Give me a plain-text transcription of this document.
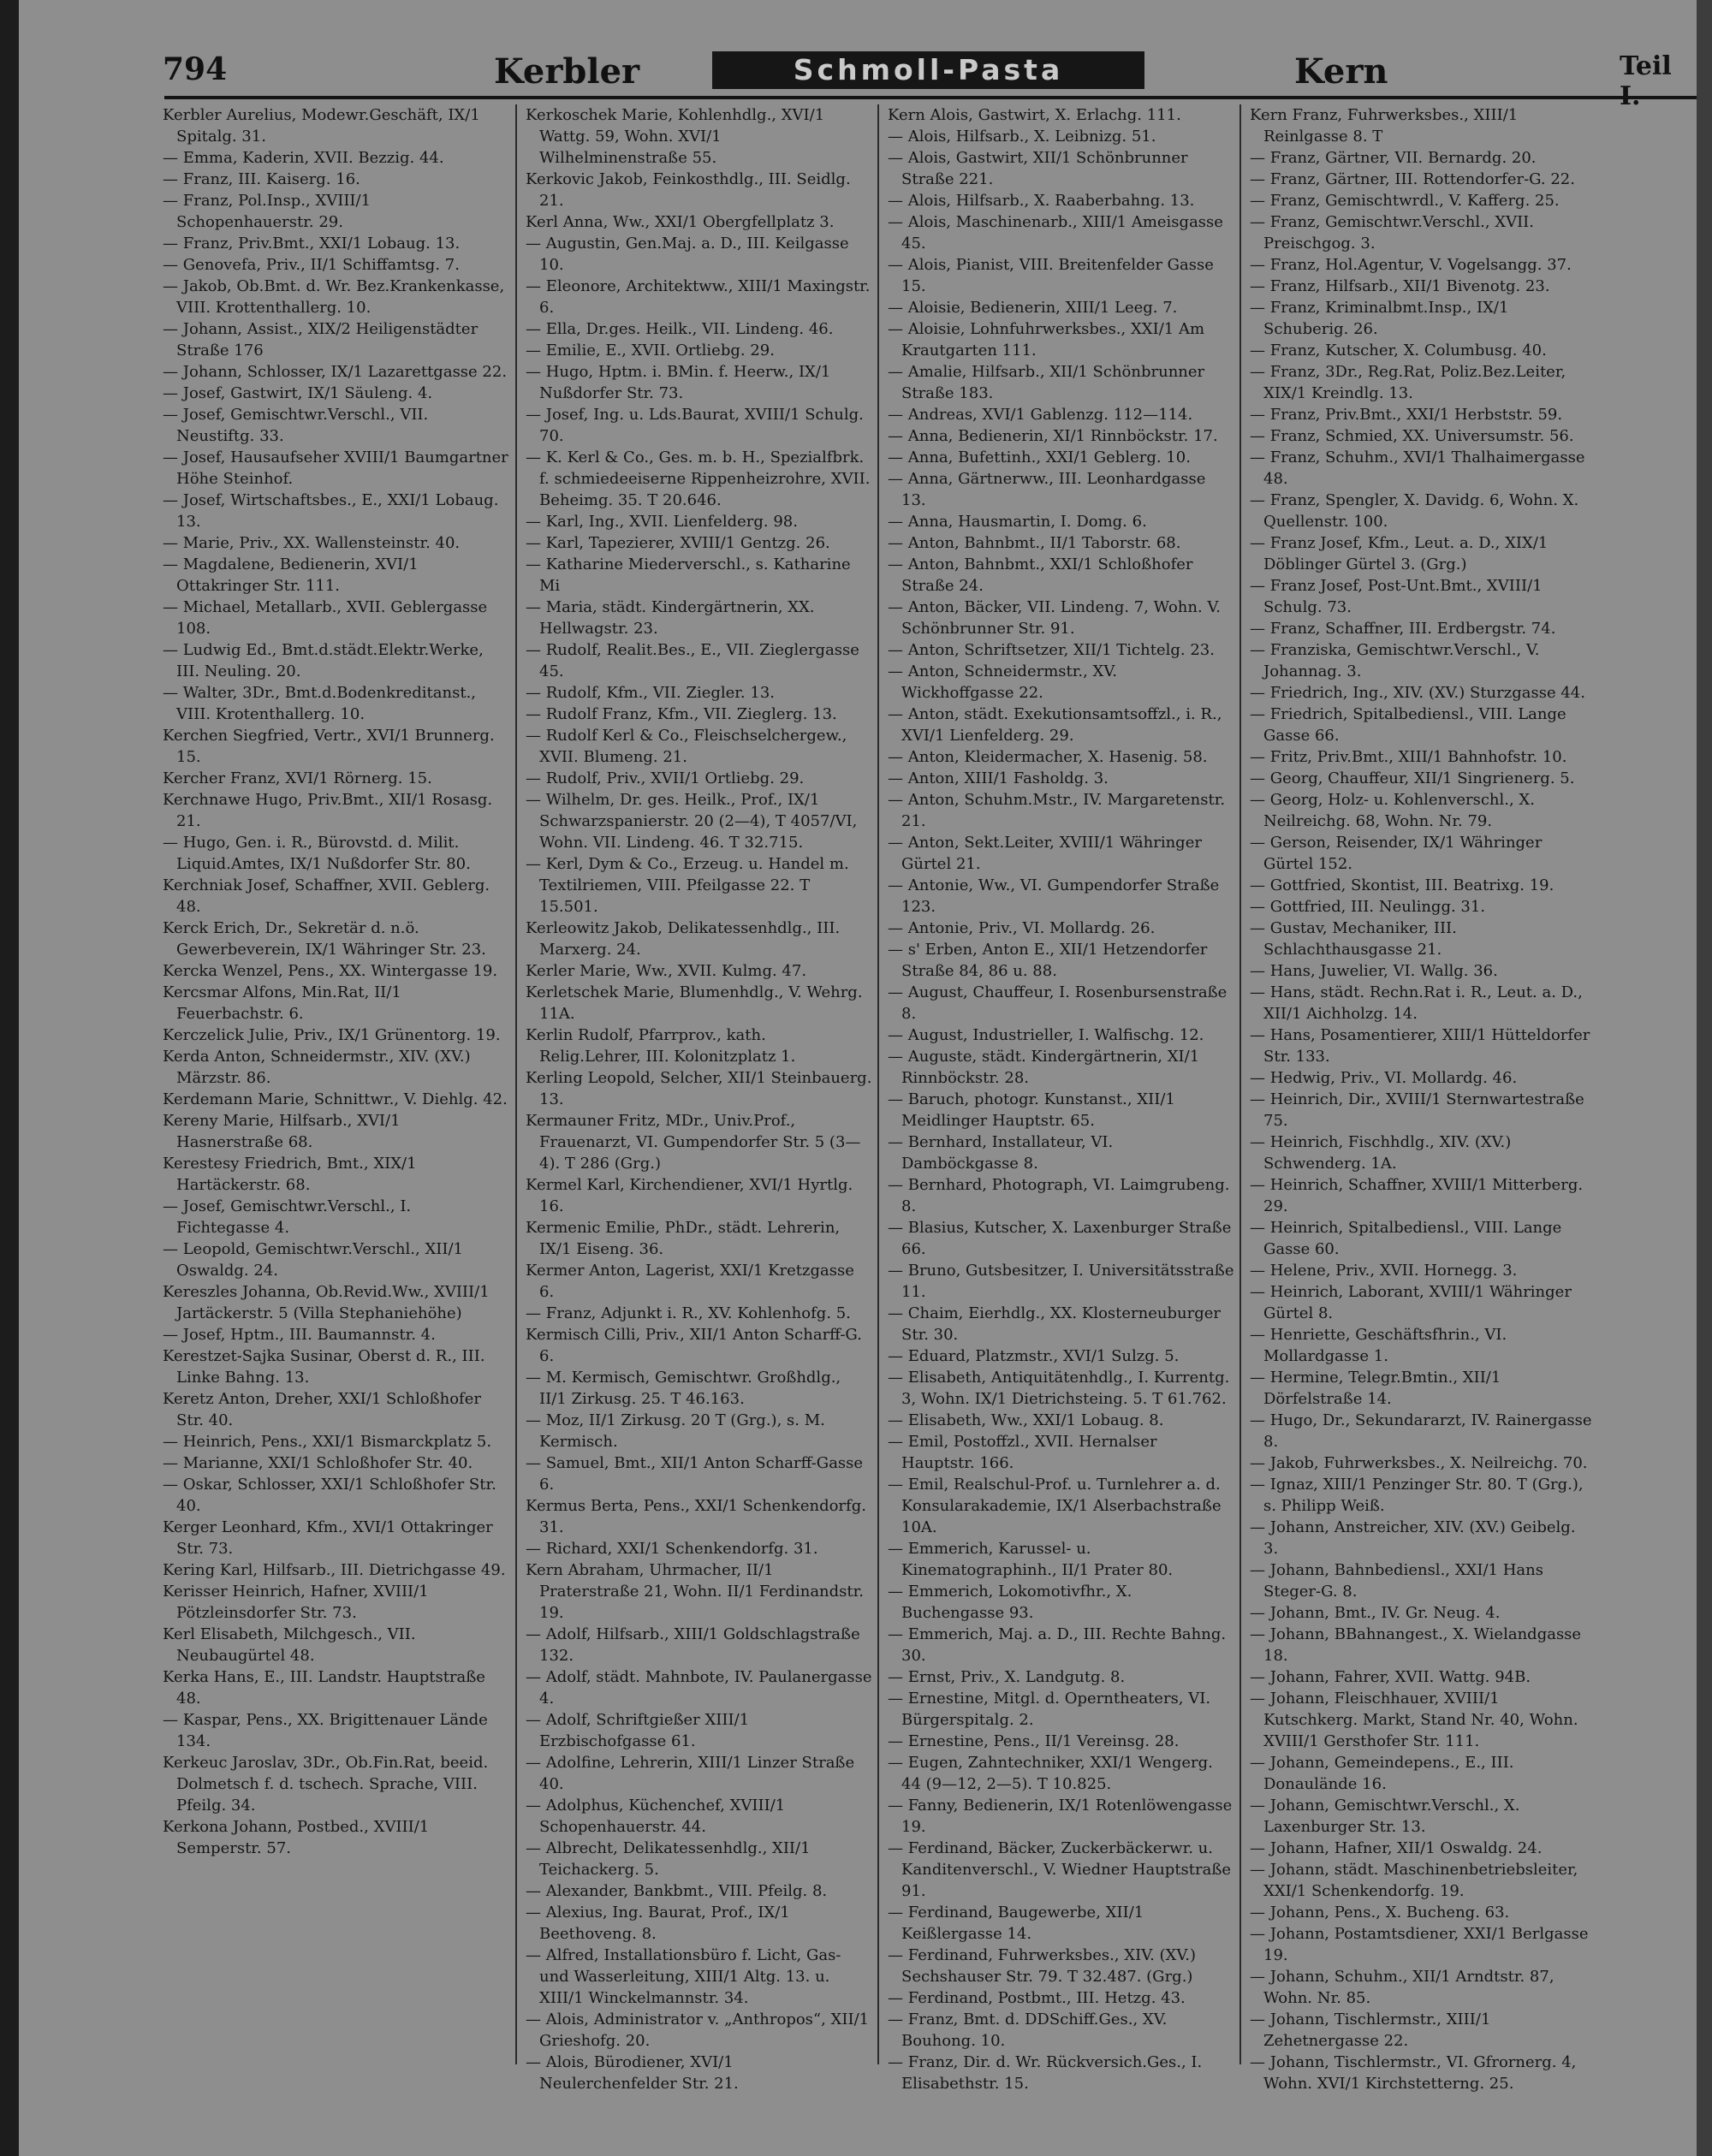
794	Kerbler	Schmoll-Pasta	Kern	Teil

Kerbler Aurelius, Modewr.Geschäft, IX/1 Spitalg. 31.

— Emma, Kaderin, XVII. Bezzig. 44.

— Franz, III. Kaiserg. 16.

— Franz, Pol.Insp., XVIII/1 Schopenhauerstr. 29.

— Franz, Priv.Bmt., XXI/1 Lobaug. 13.

— Genovefa, Priv., II/1 Schiffamtsg. 7.

— Jakob, Ob.Bmt. d. Wr. Bez.Krankenkasse, VIII. Krottenthallerg. 10.

— Johann, Assist., XIX/2 Heiligenstädter Straße 176

— Johann, Schlosser, IX/1 Lazarettgasse 22.

— Josef, Gastwirt, IX/1 Säuleng. 4.

— Josef, Gemischtwr.Verschl., VII. Neustiftg. 33.

— Josef, Hausaufseher XVIII/1 Baumgartner Höhe Steinhof.

— Josef, Wirtschaftsbes., E., XXI/1 Lobaug. 13.

— Marie, Priv., XX. Wallensteinstr. 40.

— Magdalene, Bedienerin, XVI/1 Ottakringer Str. 111.

— Michael, Metallarb., XVII. Geblergasse 108.

— Ludwig Ed., Bmt.d.städt.Elektr.Werke, III. Neuling. 20.

— Walter, 3Dr., Bmt.d.Bodenkreditanst., VIII. Krotenthallerg. 10.

Kerchen Siegfried, Vertr., XVI/1 Brunnerg. 15.

Kercher Franz, XVI/1 Rörnerg. 15.

Kerchnawe Hugo, Priv.Bmt., XII/1 Rosasg. 21.

— Hugo, Gen. i. R., Bürovstd. d. Milit. Liquid.Amtes, IX/1 Nußdorfer Str. 80.

Kerchniak Josef, Schaffner, XVII. Geblerg. 48.

Kerck Erich, Dr., Sekretär d. n.ö. Gewerbeverein, IX/1 Währinger Str. 23.

Kercka Wenzel, Pens., XX. Wintergasse 19.

Kercsmar Alfons, Min.Rat, II/1 Feuerbachstr. 6.

Kerczelick Julie, Priv., IX/1 Grünentorg. 19.

Kerda Anton, Schneidermstr., XIV. (XV.) Märzstr. 86.

Kerdemann Marie, Schnittwr., V. Diehlg. 42.

Kereny Marie, Hilfsarb., XVI/1 Hasnerstraße 68.

Kerestesy Friedrich, Bmt., XIX/1 Hartäckerstr. 68.

— Josef, Gemischtwr.Verschl., I. Fichtegasse 4.

— Leopold, Gemischtwr.Verschl., XII/1 Oswaldg. 24.

Kereszles Johanna, Ob.Revid.Ww., XVIII/1 Jartäckerstr. 5 (Villa Stephaniehöhe)

— Josef, Hptm., III. Baumannstr. 4.

Kerestzet-Sajka Susinar, Oberst d. R., III. Linke Bahng. 13.

Keretz Anton, Dreher, XXI/1 Schloßhofer Str. 40.

— Heinrich, Pens., XXI/1 Bismarckplatz 5.

— Marianne, XXI/1 Schloßhofer Str. 40.

— Oskar, Schlosser, XXI/1 Schloßhofer Str. 40.

Kerger Leonhard, Kfm., XVI/1 Ottakringer Str. 73.

Kering Karl, Hilfsarb., III. Dietrichgasse 49.

Kerisser Heinrich, Hafner, XVIII/1 Pötzleinsdorfer Str. 73.

Kerl Elisabeth, Milchgesch., VII. Neubaugürtel 48.

Kerka Hans, E., III. Landstr. Hauptstraße 48.

— Kaspar, Pens., XX. Brigittenauer Lände 134.

Kerkeuc Jaroslav, 3Dr., Ob.Fin.Rat, beeid. Dolmetsch f. d. tschech. Sprache, VIII. Pfeilg. 34.

Kerkona Johann, Postbed., XVIII/1 Semperstr. 57.

Kerkoschek Marie, Kohlenhdlg., XVI/1 Wattg. 59, Wohn. XVI/1 Wilhelminenstraße 55.

Kerkovic Jakob, Feinkosthdlg., III. Seidlg. 21.

Kerl Anna, Ww., XXI/1 Obergfellplatz 3.

— Augustin, Gen.Maj. a. D., III. Keilgasse 10.

— Eleonore, Architektww., XIII/1 Maxingstr. 6.

— Ella, Dr.ges. Heilk., VII. Lindeng. 46.

— Emilie, E., XVII. Ortliebg. 29.

— Hugo, Hptm. i. BMin. f. Heerw., IX/1 Nußdorfer Str. 73.

— Josef, Ing. u. Lds.Baurat, XVIII/1 Schulg. 70.

— K. Kerl & Co., Ges. m. b. H., Spezialfbrk. f. schmiedeeiserne Rippenheizrohre, XVII. Beheimg. 35. T 20.646.

— Karl, Ing., XVII. Lienfelderg. 98.

— Karl, Tapezierer, XVIII/1 Gentzg. 26.

— Katharine Miederverschl., s. Katharine Mi

— Maria, städt. Kindergärtnerin, XX. Hellwagstr. 23.

— Rudolf, Realit.Bes., E., VII. Zieglergasse 45.

— Rudolf, Kfm., VII. Ziegler. 13.

— Rudolf Franz, Kfm., VII. Zieglerg. 13.

— Rudolf Kerl & Co., Fleischselchergew., XVII. Blumeng. 21.

— Rudolf, Priv., XVII/1 Ortliebg. 29.

— Wilhelm, Dr. ges. Heilk., Prof., IX/1 Schwarzspanierstr. 20 (2—4), T 4057/VI, Wohn. VII. Lindeng. 46. T 32.715.

— Kerl, Dym & Co., Erzeug. u. Handel m. Textilriemen, VIII. Pfeilgasse 22. T 15.501.

Kerleowitz Jakob, Delikatessenhdlg., III. Marxerg. 24.

Kerler Marie, Ww., XVII. Kulmg. 47.

Kerletschek Marie, Blumenhdlg., V. Wehrg. 11A.

Kerlin Rudolf, Pfarrprov., kath. Relig.Lehrer, III. Kolonitzplatz 1.

Kerling Leopold, Selcher, XII/1 Steinbauerg. 13.

Kermauner Fritz, MDr., Univ.Prof., Frauenarzt, VI. Gumpendorfer Str. 5 (3—4). T 286 (Grg.)

Kermel Karl, Kirchendiener, XVI/1 Hyrtlg. 16.

Kermenic Emilie, PhDr., städt. Lehrerin, IX/1 Eiseng. 36.

Kermer Anton, Lagerist, XXI/1 Kretzgasse 6.

— Franz, Adjunkt i. R., XV. Kohlenhofg. 5.

Kermisch Cilli, Priv., XII/1 Anton Scharff-G. 6.

— M. Kermisch, Gemischtwr. Großhdlg., II/1 Zirkusg. 25. T 46.163.

— Moz, II/1 Zirkusg. 20 T (Grg.), s. M. Kermisch.

— Samuel, Bmt., XII/1 Anton Scharff-Gasse 6.

Kermus Berta, Pens., XXI/1 Schenkendorfg. 31.

— Richard, XXI/1 Schenkendorfg. 31.

Kern Abraham, Uhrmacher, II/1 Praterstraße 21, Wohn. II/1 Ferdinandstr. 19.

— Adolf, Hilfsarb., XIII/1 Goldschlagstraße 132.

— Adolf, städt. Mahnbote, IV. Paulanergasse 4.

— Adolf, Schriftgießer XIII/1 Erzbischofgasse 61.

— Adolfine, Lehrerin, XIII/1 Linzer Straße 40.

— Adolphus, Küchenchef, XVIII/1 Schopenhauerstr. 44.

— Albrecht, Delikatessenhdlg., XII/1 Teichackerg. 5.

— Alexander, Bankbmt., VIII. Pfeilg. 8.

— Alexius, Ing. Baurat, Prof., IX/1 Beethoveng. 8.

— Alfred, Installationsbüro f. Licht, Gas- und Wasserleitung, XIII/1 Altg. 13. u. XIII/1 Winckelmannstr. 34.

— Alois, Administrator v. „Anthropos“, XII/1 Grieshofg. 20.

— Alois, Bürodiener, XVI/1 Neulerchenfelder Str. 21.

Kern Alois, Gastwirt, X. Erlachg. 111.

— Alois, Hilfsarb., X. Leibnizg. 51.

— Alois, Gastwirt, XII/1 Schönbrunner Straße 221.

— Alois, Hilfsarb., X. Raaberbahng. 13.

— Alois, Maschinenarb., XIII/1 Ameisgasse 45.

— Alois, Pianist, VIII. Breitenfelder Gasse 15.

— Aloisie, Bedienerin, XIII/1 Leeg. 7.

— Aloisie, Lohnfuhrwerksbes., XXI/1 Am Krautgarten 111.

— Amalie, Hilfsarb., XII/1 Schönbrunner Straße 183.

— Andreas, XVI/1 Gablenzg. 112—114.

— Anna, Bedienerin, XI/1 Rinnböckstr. 17.

— Anna, Bufettinh., XXI/1 Geblerg. 10.

— Anna, Gärtnerww., III. Leonhardgasse 13.

— Anna, Hausmartin, I. Domg. 6.

— Anton, Bahnbmt., II/1 Taborstr. 68.

— Anton, Bahnbmt., XXI/1 Schloßhofer Straße 24.

— Anton, Bäcker, VII. Lindeng. 7, Wohn. V. Schönbrunner Str. 91.

— Anton, Schriftsetzer, XII/1 Tichtelg. 23.

— Anton, Schneidermstr., XV. Wickhoffgasse 22.

— Anton, städt. Exekutionsamtsoffzl., i. R., XVI/1 Lienfelderg. 29.

— Anton, Kleidermacher, X. Hasenig. 58.

— Anton, XIII/1 Fasholdg. 3.

— Anton, Schuhm.Mstr., IV. Margaretenstr. 21.

— Anton, Sekt.Leiter, XVIII/1 Währinger Gürtel 21.

— Antonie, Ww., VI. Gumpendorfer Straße 123.

— Antonie, Priv., VI. Mollardg. 26.

— s' Erben, Anton E., XII/1 Hetzendorfer Straße 84, 86 u. 88.

— August, Chauffeur, I. Rosenbursenstraße 8.

— August, Industrieller, I. Walfischg. 12.

— Auguste, städt. Kindergärtnerin, XI/1 Rinnböckstr. 28.

— Baruch, photogr. Kunstanst., XII/1 Meidlinger Hauptstr. 65.

— Bernhard, Installateur, VI. Damböckgasse 8.

— Bernhard, Photograph, VI. Laimgrubeng. 8.

— Blasius, Kutscher, X. Laxenburger Straße 66.

— Bruno, Gutsbesitzer, I. Universitätsstraße 11.

— Chaim, Eierhdlg., XX. Klosterneuburger Str. 30.

— Eduard, Platzmstr., XVI/1 Sulzg. 5.

— Elisabeth, Antiquitätenhdlg., I. Kurrentg. 3, Wohn. IX/1 Dietrichsteing. 5. T 61.762.

— Elisabeth, Ww., XXI/1 Lobaug. 8.

— Emil, Postoffzl., XVII. Hernalser Hauptstr. 166.

— Emil, Realschul-Prof. u. Turnlehrer a. d. Konsularakademie, IX/1 Alserbachstraße 10A.

— Emmerich, Karussel- u. Kinematographinh., II/1 Prater 80.

— Emmerich, Lokomotivfhr., X. Buchengasse 93.

— Emmerich, Maj. a. D., III. Rechte Bahng. 30.

— Ernst, Priv., X. Landgutg. 8.

— Ernestine, Mitgl. d. Operntheaters, VI. Bürgerspitalg. 2.

— Ernestine, Pens., II/1 Vereinsg. 28.

— Eugen, Zahntechniker, XXI/1 Wengerg. 44 (9—12, 2—5). T 10.825.

— Fanny, Bedienerin, IX/1 Rotenlöwengasse 19.

— Ferdinand, Bäcker, Zuckerbäckerwr. u. Kanditenverschl., V. Wiedner Hauptstraße 91.

— Ferdinand, Baugewerbe, XII/1 Keißlergasse 14.

— Ferdinand, Fuhrwerksbes., XIV. (XV.) Sechshauser Str. 79. T 32.487. (Grg.)

— Ferdinand, Postbmt., III. Hetzg. 43.

— Franz, Bmt. d. DDSchiff.Ges., XV. Bouhong. 10.

— Franz, Dir. d. Wr. Rückversich.Ges., I. Elisabethstr. 15.

Kern Franz, Fuhrwerksbes., XIII/1 Reinlgasse 8. T

— Franz, Gärtner, VII. Bernardg. 20.

— Franz, Gärtner, III. Rottendorfer-G. 22.

— Franz, Gemischtwrdl., V. Kafferg. 25.

— Franz, Gemischtwr.Verschl., XVII. Preischgog. 3.

— Franz, Hol.Agentur, V. Vogelsangg. 37.

— Franz, Hilfsarb., XII/1 Bivenotg. 23.

— Franz, Kriminalbmt.Insp., IX/1 Schuberig. 26.

— Franz, Kutscher, X. Columbusg. 40.

— Franz, 3Dr., Reg.Rat, Poliz.Bez.Leiter, XIX/1 Kreindlg. 13.

— Franz, Priv.Bmt., XXI/1 Herbststr. 59.

— Franz, Schmied, XX. Universumstr. 56.

— Franz, Schuhm., XVI/1 Thalhaimergasse 48.

— Franz, Spengler, X. Davidg. 6, Wohn. X. Quellenstr. 100.

— Franz Josef, Kfm., Leut. a. D., XIX/1 Döblinger Gürtel 3. (Grg.)

— Franz Josef, Post-Unt.Bmt., XVIII/1 Schulg. 73.

— Franz, Schaffner, III. Erdbergstr. 74.

— Franziska, Gemischtwr.Verschl., V. Johannag. 3.

— Friedrich, Ing., XIV. (XV.) Sturzgasse 44.

— Friedrich, Spitalbediensl., VIII. Lange Gasse 66.

— Fritz, Priv.Bmt., XIII/1 Bahnhofstr. 10.

— Georg, Chauffeur, XII/1 Singrienerg. 5.

— Georg, Holz- u. Kohlenverschl., X. Neilreichg. 68, Wohn. Nr. 79.

— Gerson, Reisender, IX/1 Währinger Gürtel 152.

— Gottfried, Skontist, III. Beatrixg. 19.

— Gottfried, III. Neulingg. 31.

— Gustav, Mechaniker, III. Schlachthausgasse 21.

— Hans, Juwelier, VI. Wallg. 36.

— Hans, städt. Rechn.Rat i. R., Leut. a. D., XII/1 Aichholzg. 14.

— Hans, Posamentierer, XIII/1 Hütteldorfer Str. 133.

— Hedwig, Priv., VI. Mollardg. 46.

— Heinrich, Dir., XVIII/1 Sternwartestraße 75.

— Heinrich, Fischhdlg., XIV. (XV.) Schwenderg. 1A.

— Heinrich, Schaffner, XVIII/1 Mitterberg. 29.

— Heinrich, Spitalbediensl., VIII. Lange Gasse 60.

— Helene, Priv., XVII. Hornegg. 3.

— Heinrich, Laborant, XVIII/1 Währinger Gürtel 8.

— Henriette, Geschäftsfhrin., VI. Mollardgasse 1.

— Hermine, Telegr.Bmtin., XII/1 Dörfelstraße 14.

— Hugo, Dr., Sekundararzt, IV. Rainergasse 8.

— Jakob, Fuhrwerksbes., X. Neilreichg. 70.

— Ignaz, XIII/1 Penzinger Str. 80. T (Grg.), s. Philipp Weiß.

— Johann, Anstreicher, XIV. (XV.) Geibelg. 3.

— Johann, Bahnbediensl., XXI/1 Hans Steger-G. 8.

— Johann, Bmt., IV. Gr. Neug. 4.

— Johann, BBahnangest., X. Wielandgasse 18.

— Johann, Fahrer, XVII. Wattg. 94B.

— Johann, Fleischhauer, XVIII/1 Kutschkerg. Markt, Stand Nr. 40, Wohn. XVIII/1 Gersthofer Str. 111.

— Johann, Gemeindepens., E., III. Donaulände 16.

— Johann, Gemischtwr.Verschl., X. Laxenburger Str. 13.

— Johann, Hafner, XII/1 Oswaldg. 24.

— Johann, städt. Maschinenbetriebsleiter, XXI/1 Schenkendorfg. 19.

— Johann, Pens., X. Bucheng. 63.

— Johann, Postamtsdiener, XXI/1 Berlgasse 19.

— Johann, Schuhm., XII/1 Arndtstr. 87, Wohn. Nr. 85.

— Johann, Tischlermstr., XIII/1 Zehetnergasse 22.

— Johann, Tischlermstr., VI. Gfrornerg. 4, Wohn. XVI/1 Kirchstetterng. 25.
